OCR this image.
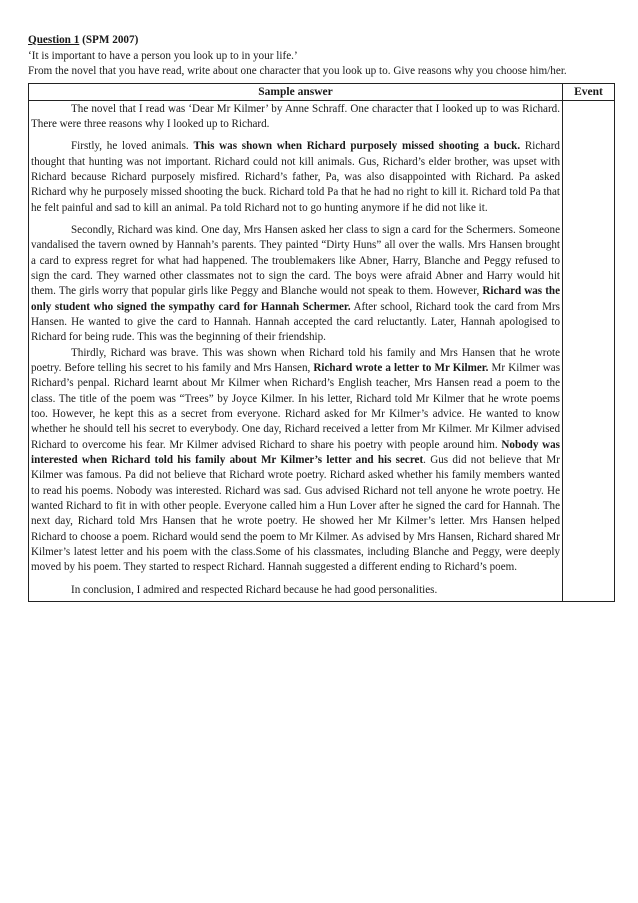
Question 1 (SPM 2007)
‘It is important to have a person you look up to in your life.’
From the novel that you have read, write about one character that you look up to. Give reasons why you choose him/her.
Sample answer	Event

The novel that I read was ‘Dear Mr Kilmer’ by Anne Schraff. One character that I looked up to was Richard. There were three reasons why I looked up to Richard.

Firstly, he loved animals. This was shown when Richard purposely missed shooting a buck. Richard thought that hunting was not important. Richard could not kill animals. Gus, Richard’s elder brother, was upset with Richard because Richard purposely misfired. Richard’s father, Pa, was also disappointed with Richard. Pa asked Richard why he purposely missed shooting the buck. Richard told Pa that he had no right to kill it. Richard told Pa that he felt painful and sad to kill an animal. Pa told Richard not to go hunting anymore if he did not like it.

Secondly, Richard was kind. One day, Mrs Hansen asked her class to sign a card for the Schermers. Someone vandalised the tavern owned by Hannah’s parents. They painted “Dirty Huns” all over the walls. Mrs Hansen brought a card to express regret for what had happened. The troublemakers like Abner, Harry, Blanche and Peggy refused to sign the card. They warned other classmates not to sign the card. The boys were afraid Abner and Harry would hit them. The girls worry that popular girls like Peggy and Blanche would not speak to them. However, Richard was the only student who signed the sympathy card for Hannah Schermer. After school, Richard took the card from Mrs Hansen. He wanted to give the card to Hannah. Hannah accepted the card reluctantly. Later, Hannah apologised to Richard for being rude. This was the beginning of their friendship.

Thirdly, Richard was brave. This was shown when Richard told his family and Mrs Hansen that he wrote poetry. Before telling his secret to his family and Mrs Hansen, Richard wrote a letter to Mr Kilmer. Mr Kilmer was Richard’s penpal. Richard learnt about Mr Kilmer when Richard’s English teacher, Mrs Hansen read a poem to the class. The title of the poem was “Trees” by Joyce Kilmer. In his letter, Richard told Mr Kilmer that he wrote poems too. However, he kept this as a secret from everyone. Richard asked for Mr Kilmer’s advice. He wanted to know whether he should tell his secret to everybody. One day, Richard received a letter from Mr Kilmer. Mr Kilmer advised Richard to overcome his fear. Mr Kilmer advised Richard to share his poetry with people around him. Nobody was interested when Richard told his family about Mr Kilmer’s letter and his secret. Gus did not believe that Mr Kilmer was famous. Pa did not believe that Richard wrote poetry. Richard asked whether his family members wanted to read his poems. Nobody was interested. Richard was sad. Gus advised Richard not tell anyone he wrote poetry. He wanted Richard to fit in with other people. Everyone called him a Hun Lover after he signed the card for Hannah. The next day, Richard told Mrs Hansen that he wrote poetry. He showed her Mr Kilmer’s letter. Mrs Hansen helped Richard to choose a poem. Richard would send the poem to Mr Kilmer. As advised by Mrs Hansen, Richard shared Mr Kilmer’s latest letter and his poem with the class.Some of his classmates, including Blanche and Peggy, were deeply moved by his poem. They started to respect Richard. Hannah suggested a different ending to Richard’s poem.

In conclusion, I admired and respected Richard because he had good personalities.	
